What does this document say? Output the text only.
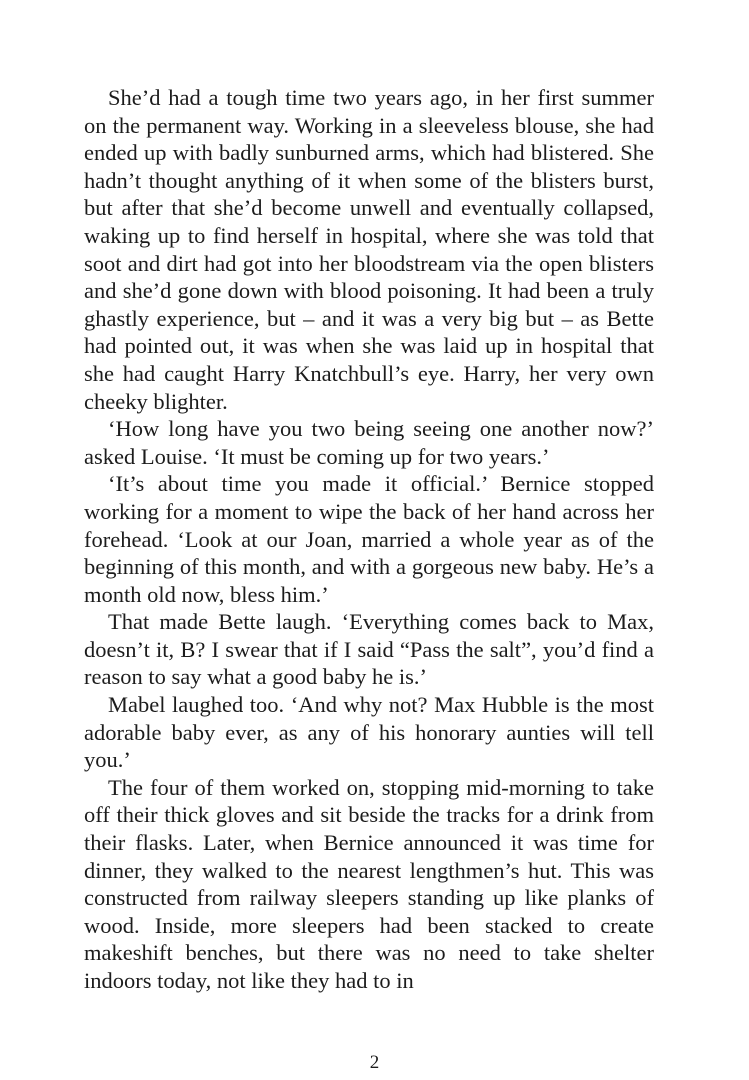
She’d had a tough time two years ago, in her first summer on the permanent way. Working in a sleeveless blouse, she had ended up with badly sunburned arms, which had blistered. She hadn’t thought anything of it when some of the blisters burst, but after that she’d become unwell and eventually collapsed, waking up to find herself in hospital, where she was told that soot and dirt had got into her bloodstream via the open blisters and she’d gone down with blood poisoning. It had been a truly ghastly experience, but – and it was a very big but – as Bette had pointed out, it was when she was laid up in hospital that she had caught Harry Knatchbull’s eye. Harry, her very own cheeky blighter.

‘How long have you two being seeing one another now?’ asked Louise. ‘It must be coming up for two years.’

‘It’s about time you made it official.’ Bernice stopped working for a moment to wipe the back of her hand across her forehead. ‘Look at our Joan, married a whole year as of the beginning of this month, and with a gorgeous new baby. He’s a month old now, bless him.’

That made Bette laugh. ‘Everything comes back to Max, doesn’t it, B? I swear that if I said “Pass the salt”, you’d find a reason to say what a good baby he is.’

Mabel laughed too. ‘And why not? Max Hubble is the most adorable baby ever, as any of his honorary aunties will tell you.’

The four of them worked on, stopping mid-morning to take off their thick gloves and sit beside the tracks for a drink from their flasks. Later, when Bernice announced it was time for dinner, they walked to the nearest lengthmen’s hut. This was constructed from railway sleepers standing up like planks of wood. Inside, more sleepers had been stacked to create makeshift benches, but there was no need to take shelter indoors today, not like they had to in

2
